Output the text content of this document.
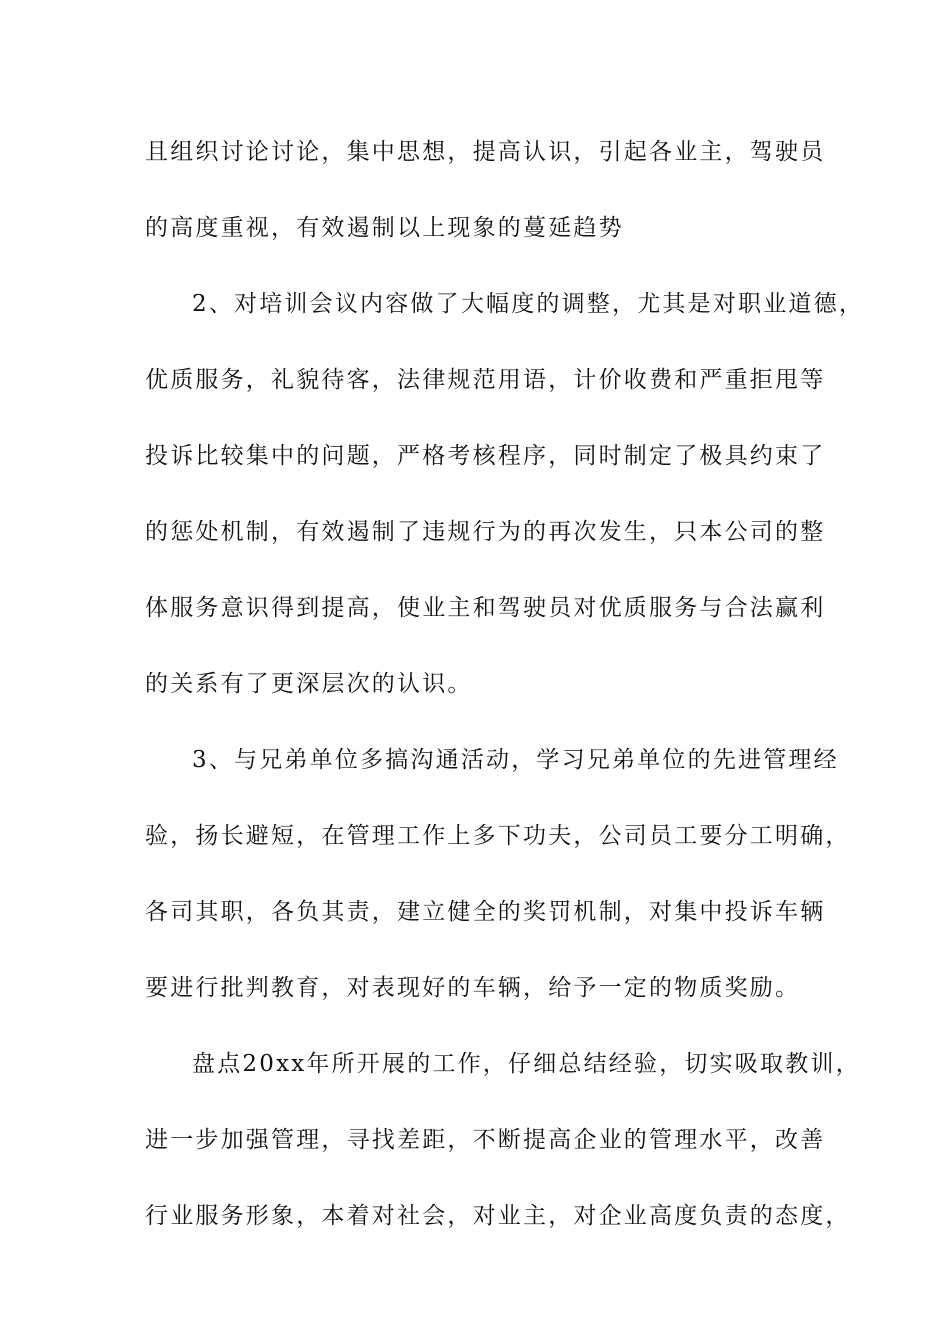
且组织讨论讨论，集中思想，提高认识，引起各业主，驾驶员
的高度重视，有效遏制以上现象的蔓延趋势
2、对培训会议内容做了大幅度的调整，尤其是对职业道德，
优质服务，礼貌待客，法律规范用语，计价收费和严重拒甩等
投诉比较集中的问题，严格考核程序，同时制定了极具约束了
的惩处机制，有效遏制了违规行为的再次发生，只本公司的整
体服务意识得到提高，使业主和驾驶员对优质服务与合法赢利
的关系有了更深层次的认识。
3、与兄弟单位多搞沟通活动，学习兄弟单位的先进管理经
验，扬长避短，在管理工作上多下功夫，公司员工要分工明确，
各司其职，各负其责，建立健全的奖罚机制，对集中投诉车辆
要进行批判教育，对表现好的车辆，给予一定的物质奖励。
盘点20xx年所开展的工作，仔细总结经验，切实吸取教训，
进一步加强管理，寻找差距，不断提高企业的管理水平，改善
行业服务形象，本着对社会，对业主，对企业高度负责的态度，
